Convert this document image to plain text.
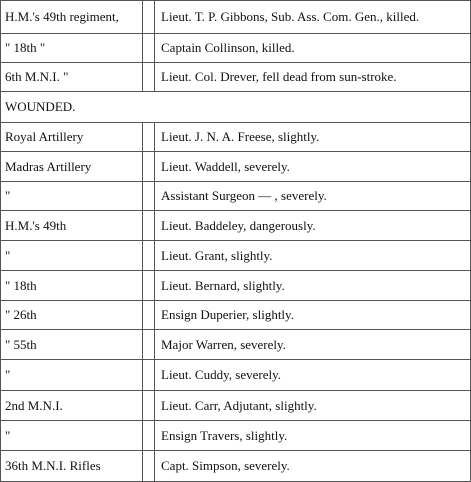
H.M.'s 49th regiment,	Lieut. T. P. Gibbons, Sub. Ass. Com. Gen., killed.
" 18th "	Captain Collinson, killed.
6th M.N.I. "	Lieut. Col. Drever, fell dead from sun-stroke.
WOUNDED.
Royal Artillery	Lieut. J. N. A. Freese, slightly.
Madras Artillery	Lieut. Waddell, severely.
"	Assistant Surgeon — , severely.
H.M.'s 49th	Lieut. Baddeley, dangerously.
"	Lieut. Grant, slightly.
" 18th	Lieut. Bernard, slightly.
" 26th	Ensign Duperier, slightly.
" 55th	Major Warren, severely.
"	Lieut. Cuddy, severely.
2nd M.N.I.	Lieut. Carr, Adjutant, slightly.
"	Ensign Travers, slightly.
36th M.N.I. Rifles	Capt. Simpson, severely.
